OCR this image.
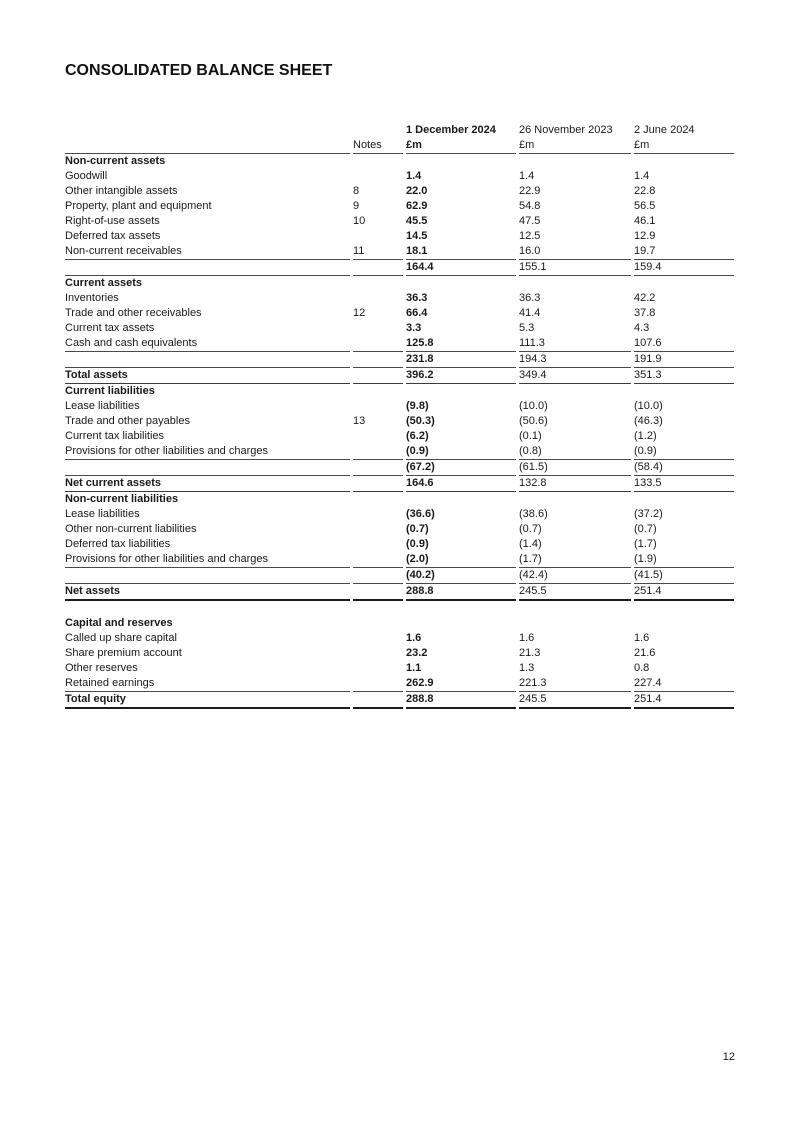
CONSOLIDATED BALANCE SHEET
		1 December 2024	26 November 2023	2 June 2024
	Notes	£m	£m	£m
Non-current assets				
Goodwill		1.4	1.4	1.4
Other intangible assets	8	22.0	22.9	22.8
Property, plant and equipment	9	62.9	54.8	56.5
Right-of-use assets	10	45.5	47.5	46.1
Deferred tax assets		14.5	12.5	12.9
Non-current receivables	11	18.1	16.0	19.7
		164.4	155.1	159.4
Current assets				
Inventories		36.3	36.3	42.2
Trade and other receivables	12	66.4	41.4	37.8
Current tax assets		3.3	5.3	4.3
Cash and cash equivalents		125.8	111.3	107.6
		231.8	194.3	191.9
Total assets		396.2	349.4	351.3
Current liabilities				
Lease liabilities		(9.8)	(10.0)	(10.0)
Trade and other payables	13	(50.3)	(50.6)	(46.3)
Current tax liabilities		(6.2)	(0.1)	(1.2)
Provisions for other liabilities and charges		(0.9)	(0.8)	(0.9)
		(67.2)	(61.5)	(58.4)
Net current assets		164.6	132.8	133.5
Non-current liabilities				
Lease liabilities		(36.6)	(38.6)	(37.2)
Other non-current liabilities		(0.7)	(0.7)	(0.7)
Deferred tax liabilities		(0.9)	(1.4)	(1.7)
Provisions for other liabilities and charges		(2.0)	(1.7)	(1.9)
		(40.2)	(42.4)	(41.5)
Net assets		288.8	245.5	251.4

Capital and reserves				
Called up share capital		1.6	1.6	1.6
Share premium account		23.2	21.3	21.6
Other reserves		1.1	1.3	0.8
Retained earnings		262.9	221.3	227.4
Total equity		288.8	245.5	251.4
12
